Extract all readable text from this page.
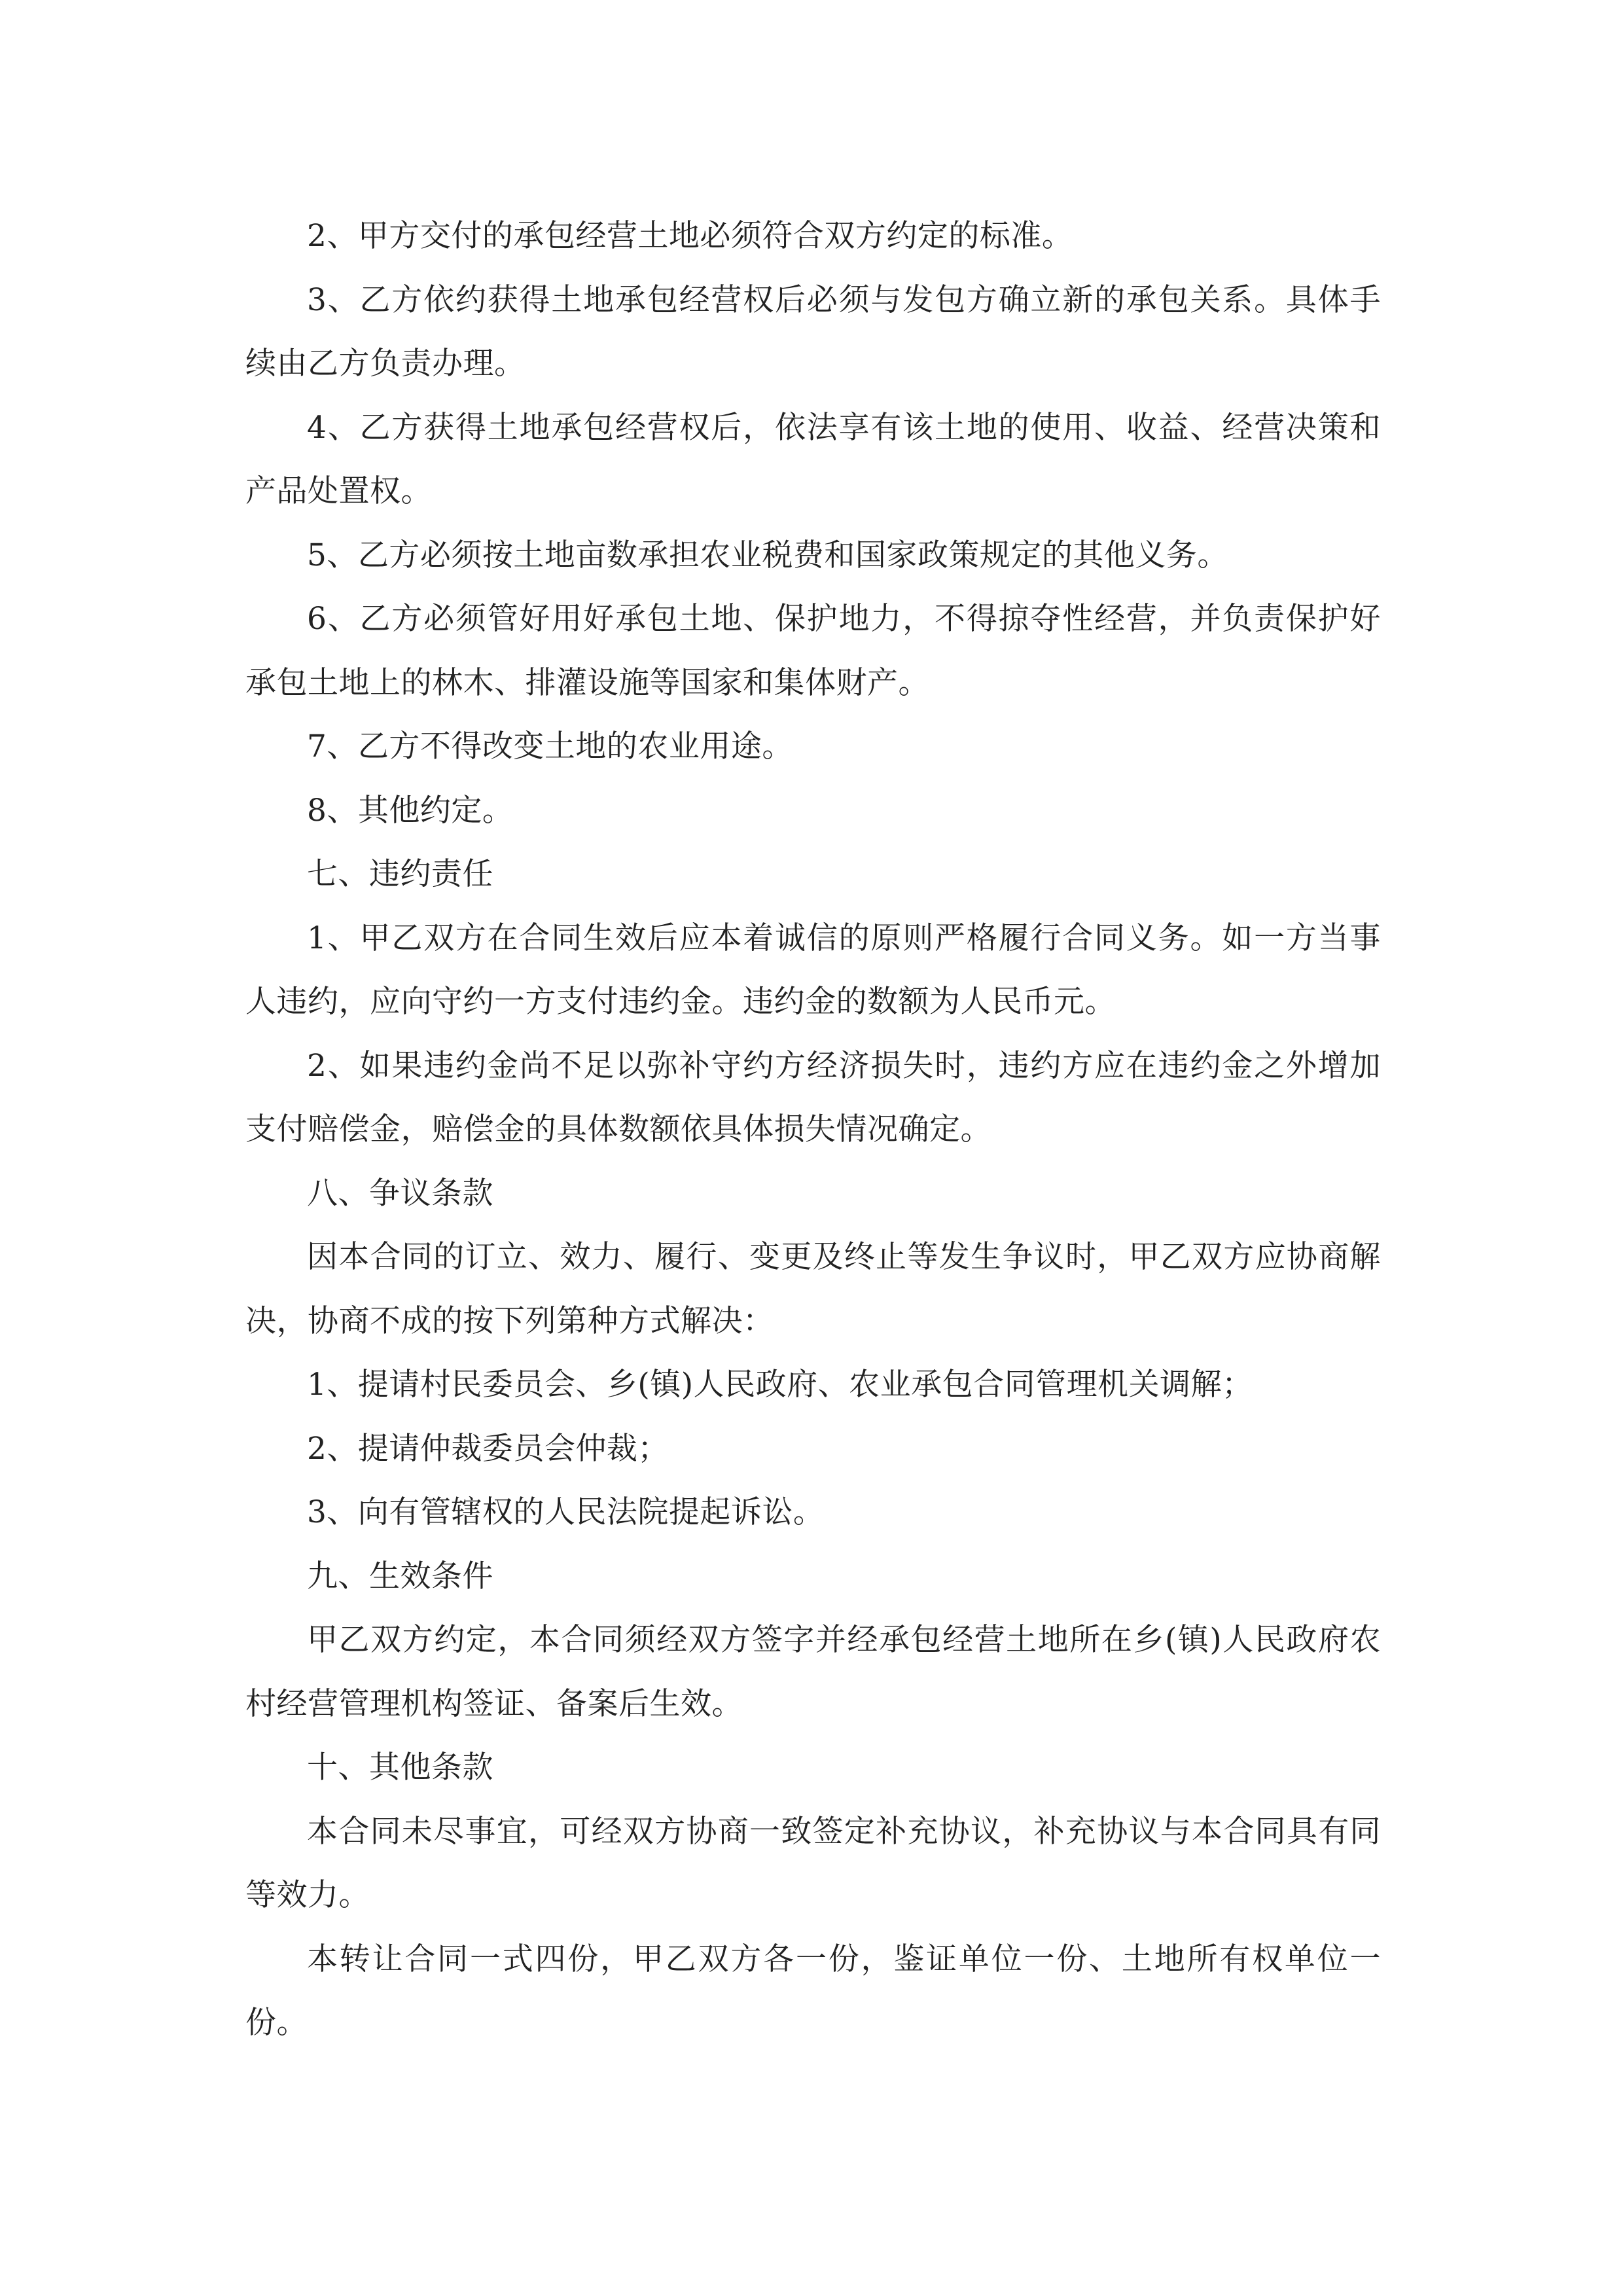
2、甲方交付的承包经营土地必须符合双方约定的标准。

3、乙方依约获得土地承包经营权后必须与发包方确立新的承包关系。具体手续由乙方负责办理。

4、乙方获得土地承包经营权后，依法享有该土地的使用、收益、经营决策和产品处置权。

5、乙方必须按土地亩数承担农业税费和国家政策规定的其他义务。

6、乙方必须管好用好承包土地、保护地力，不得掠夺性经营，并负责保护好承包土地上的林木、排灌设施等国家和集体财产。

7、乙方不得改变土地的农业用途。

8、其他约定。

七、违约责任

1、甲乙双方在合同生效后应本着诚信的原则严格履行合同义务。如一方当事人违约，应向守约一方支付违约金。违约金的数额为人民币元。

2、如果违约金尚不足以弥补守约方经济损失时，违约方应在违约金之外增加支付赔偿金，赔偿金的具体数额依具体损失情况确定。

八、争议条款

因本合同的订立、效力、履行、变更及终止等发生争议时，甲乙双方应协商解决，协商不成的按下列第种方式解决：

1、提请村民委员会、乡(镇)人民政府、农业承包合同管理机关调解；

2、提请仲裁委员会仲裁；

3、向有管辖权的人民法院提起诉讼。

九、生效条件

甲乙双方约定，本合同须经双方签字并经承包经营土地所在乡(镇)人民政府农村经营管理机构签证、备案后生效。

十、其他条款

本合同未尽事宜，可经双方协商一致签定补充协议，补充协议与本合同具有同等效力。

本转让合同一式四份，甲乙双方各一份，鉴证单位一份、土地所有权单位一份。
